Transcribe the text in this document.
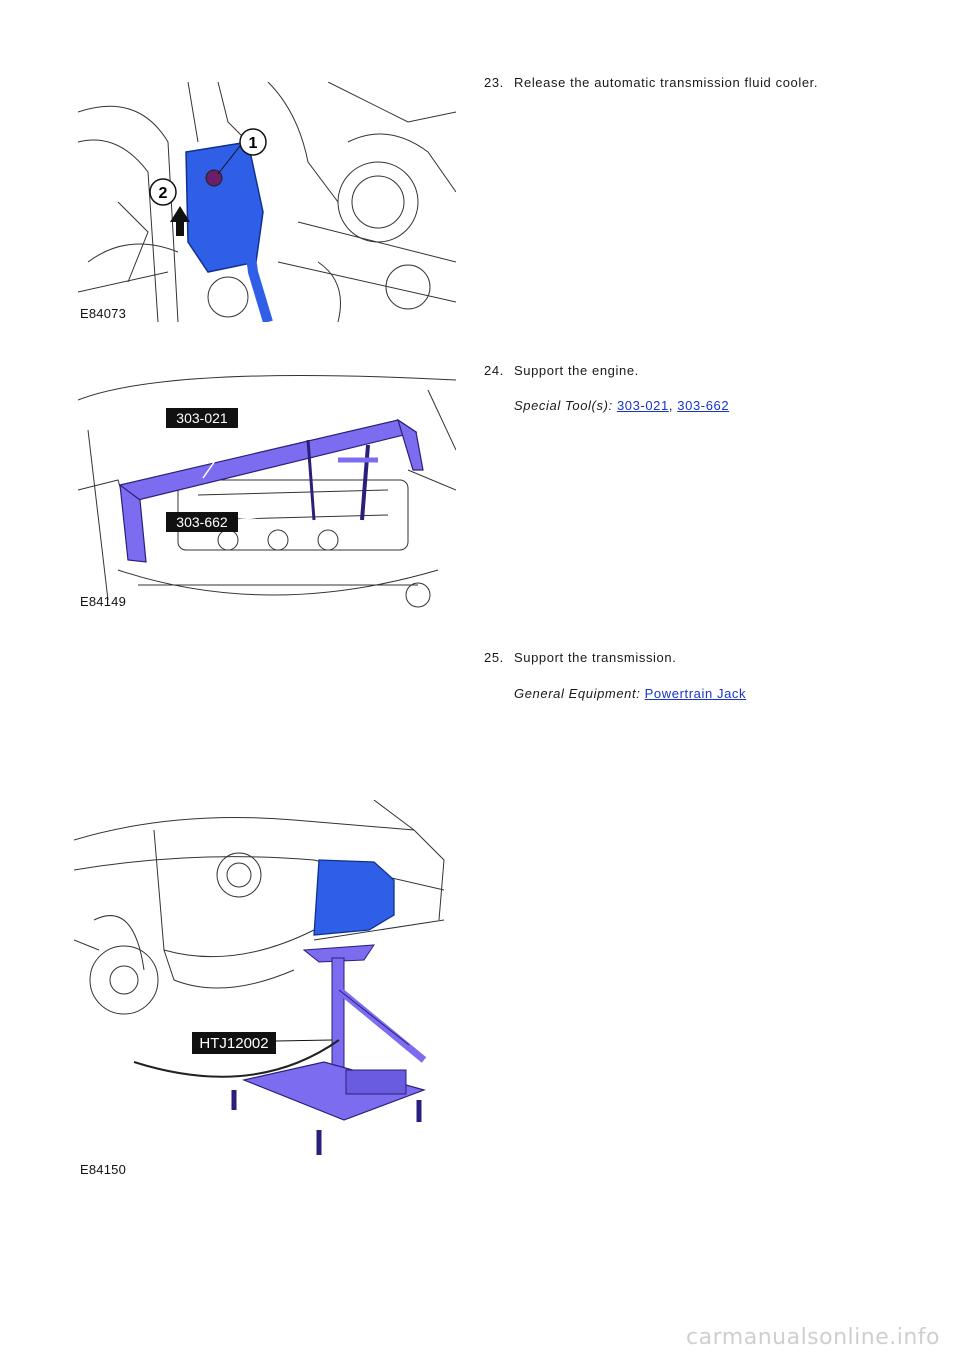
1
2
E84073
23. Release the automatic transmission fluid cooler.
303-021
303-662
E84149
24. Support the engine.
Special Tool(s): 303-021, 303-662
25. Support the transmission.
General Equipment: Powertrain Jack
HTJ12002
E84150
carmanualsonline.info
